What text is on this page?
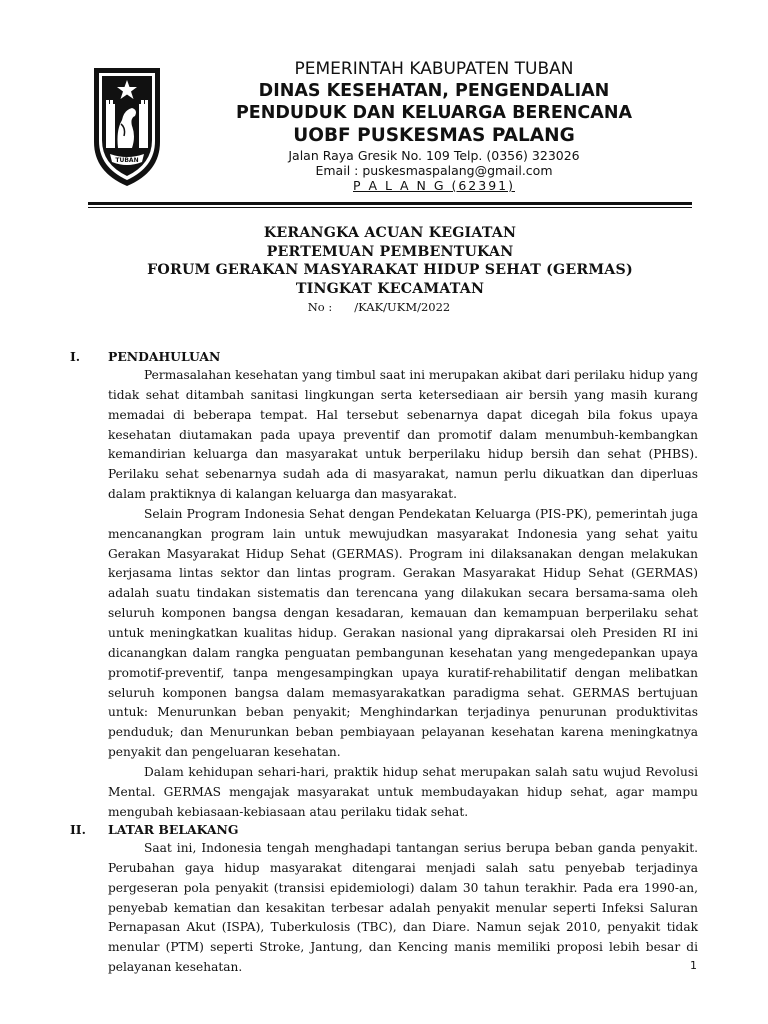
TUBAN
PEMERINTAH KABUPATEN TUBAN
DINAS KESEHATAN, PENGENDALIAN
PENDUDUK DAN KELUARGA BERENCANA
UOBF PUSKESMAS PALANG
Jalan Raya Gresik No. 109 Telp. (0356) 323026
Email : puskesmaspalang@gmail.com
P A L A N G (62391)
KERANGKA ACUAN KEGIATAN
PERTEMUAN PEMBENTUKAN
FORUM GERAKAN MASYARAKAT HIDUP SEHAT (GERMAS)
TINGKAT KECAMATAN
No : /KAK/UKM/2022
I. PENDAHULUAN

Permasalahan kesehatan yang timbul saat ini merupakan akibat dari perilaku hidup yang tidak sehat ditambah sanitasi lingkungan serta ketersediaan air bersih yang masih kurang memadai di beberapa tempat. Hal tersebut sebenarnya dapat dicegah bila fokus upaya kesehatan diutamakan pada upaya preventif dan promotif dalam menumbuh-kembangkan kemandirian keluarga dan masyarakat untuk berperilaku hidup bersih dan sehat (PHBS). Perilaku sehat sebenarnya sudah ada di masyarakat, namun perlu dikuatkan dan diperluas dalam praktiknya di kalangan keluarga dan masyarakat.

Selain Program Indonesia Sehat dengan Pendekatan Keluarga (PIS-PK), pemerintah juga mencanangkan program lain untuk mewujudkan masyarakat Indonesia yang sehat yaitu Gerakan Masyarakat Hidup Sehat (GERMAS). Program ini dilaksanakan dengan melakukan kerjasama lintas sektor dan lintas program. Gerakan Masyarakat Hidup Sehat (GERMAS) adalah suatu tindakan sistematis dan terencana yang dilakukan secara bersama-sama oleh seluruh komponen bangsa dengan kesadaran, kemauan dan kemampuan berperilaku sehat untuk meningkatkan kualitas hidup. Gerakan nasional yang diprakarsai oleh Presiden RI ini dicanangkan dalam rangka penguatan pembangunan kesehatan yang mengedepankan upaya promotif-preventif, tanpa mengesampingkan upaya kuratif-rehabilitatif dengan melibatkan seluruh komponen bangsa dalam memasyarakatkan paradigma sehat. GERMAS bertujuan untuk: Menurunkan beban penyakit; Menghindarkan terjadinya penurunan produktivitas penduduk; dan Menurunkan beban pembiayaan pelayanan kesehatan karena meningkatnya penyakit dan pengeluaran kesehatan.

Dalam kehidupan sehari-hari, praktik hidup sehat merupakan salah satu wujud Revolusi Mental. GERMAS mengajak masyarakat untuk membudayakan hidup sehat, agar mampu mengubah kebiasaan-kebiasaan atau perilaku tidak sehat.

II. LATAR BELAKANG

Saat ini, Indonesia tengah menghadapi tantangan serius berupa beban ganda penyakit. Perubahan gaya hidup masyarakat ditengarai menjadi salah satu penyebab terjadinya pergeseran pola penyakit (transisi epidemiologi) dalam 30 tahun terakhir. Pada era 1990-an, penyebab kematian dan kesakitan terbesar adalah penyakit menular seperti Infeksi Saluran Pernapasan Akut (ISPA), Tuberkulosis (TBC), dan Diare. Namun sejak 2010, penyakit tidak menular (PTM) seperti Stroke, Jantung, dan Kencing manis memiliki proposi lebih besar di pelayanan kesehatan.	1
